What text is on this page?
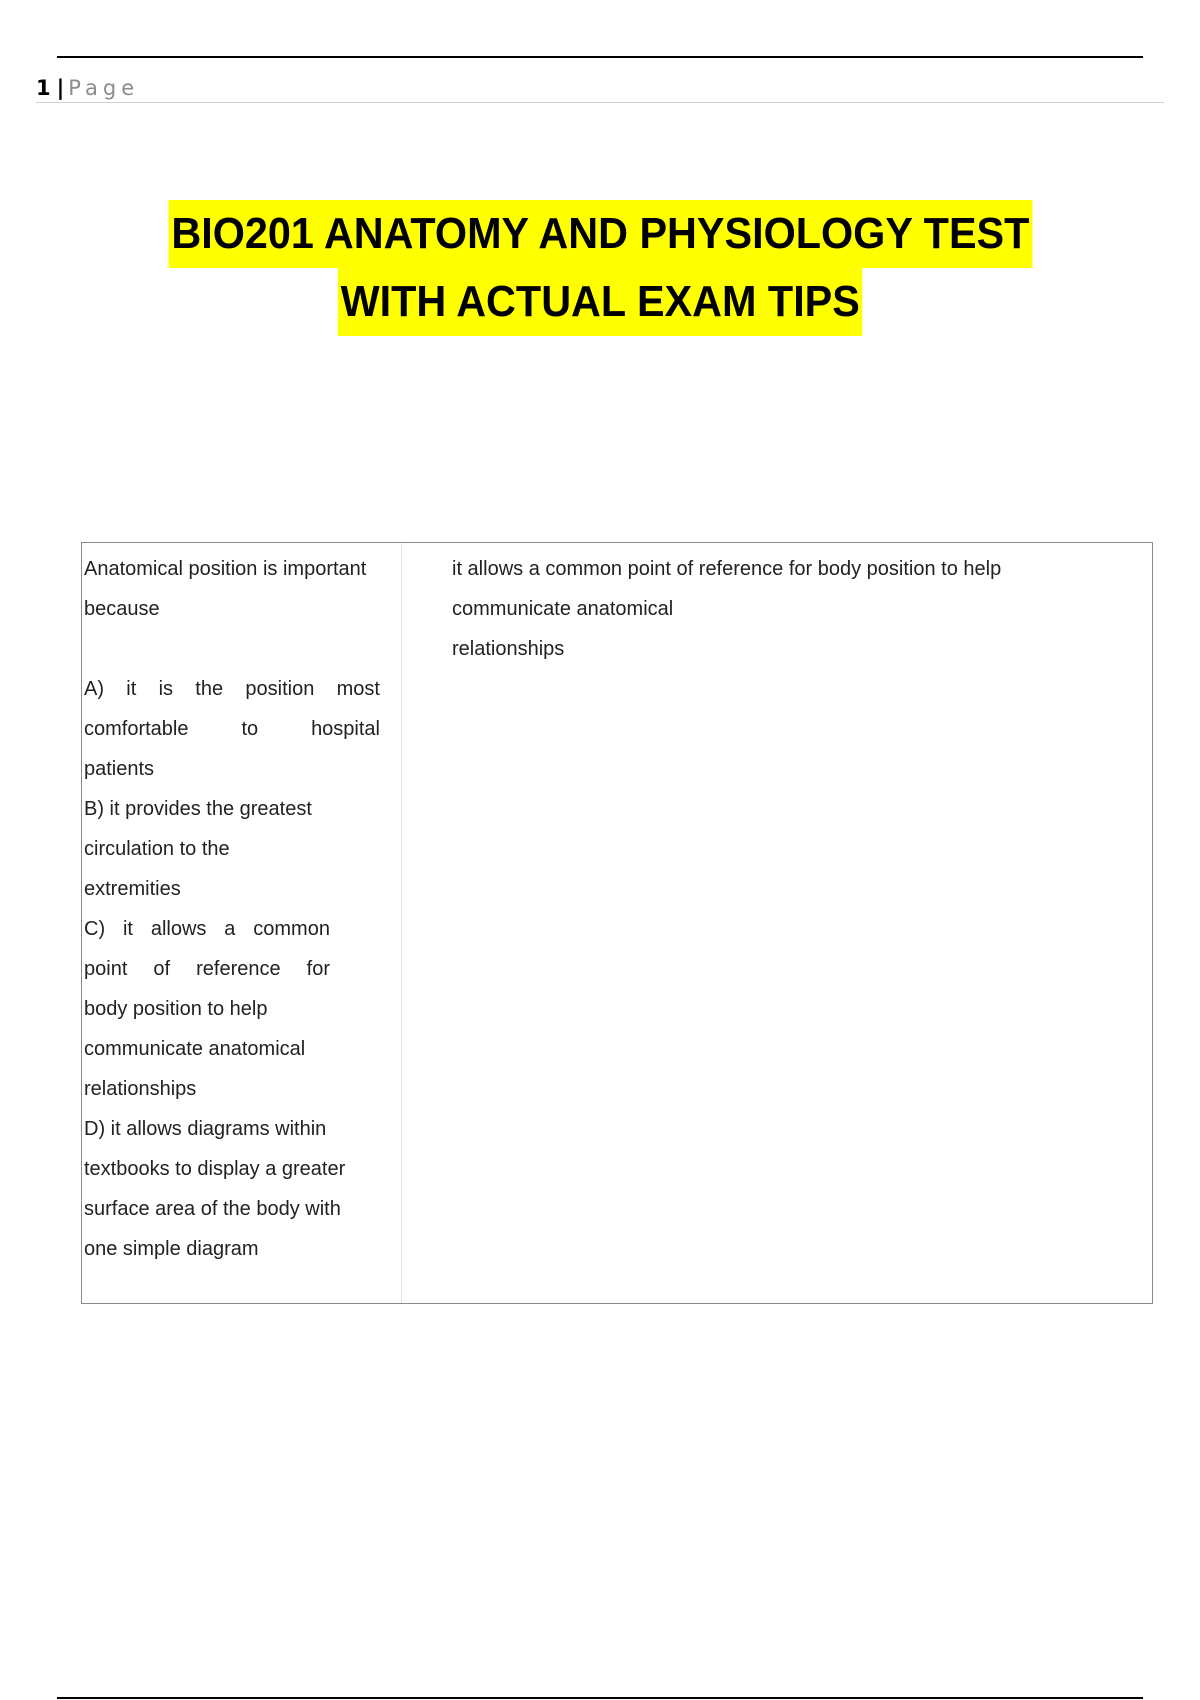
1 | Page
BIO201 ANATOMY AND PHYSIOLOGY TEST
WITH ACTUAL EXAM TIPS
Anatomical position is important
because
A) it is the position most
comfortable	to	hospital
patients
B) it provides the greatest
circulation to the
extremities
C) it allows a common
point of reference for
body position to help
communicate anatomical
relationships
D) it allows diagrams within
textbooks to display a greater
surface area of the body with
one simple diagram
it allows a common point of reference for body position to help
communicate anatomical
relationships
